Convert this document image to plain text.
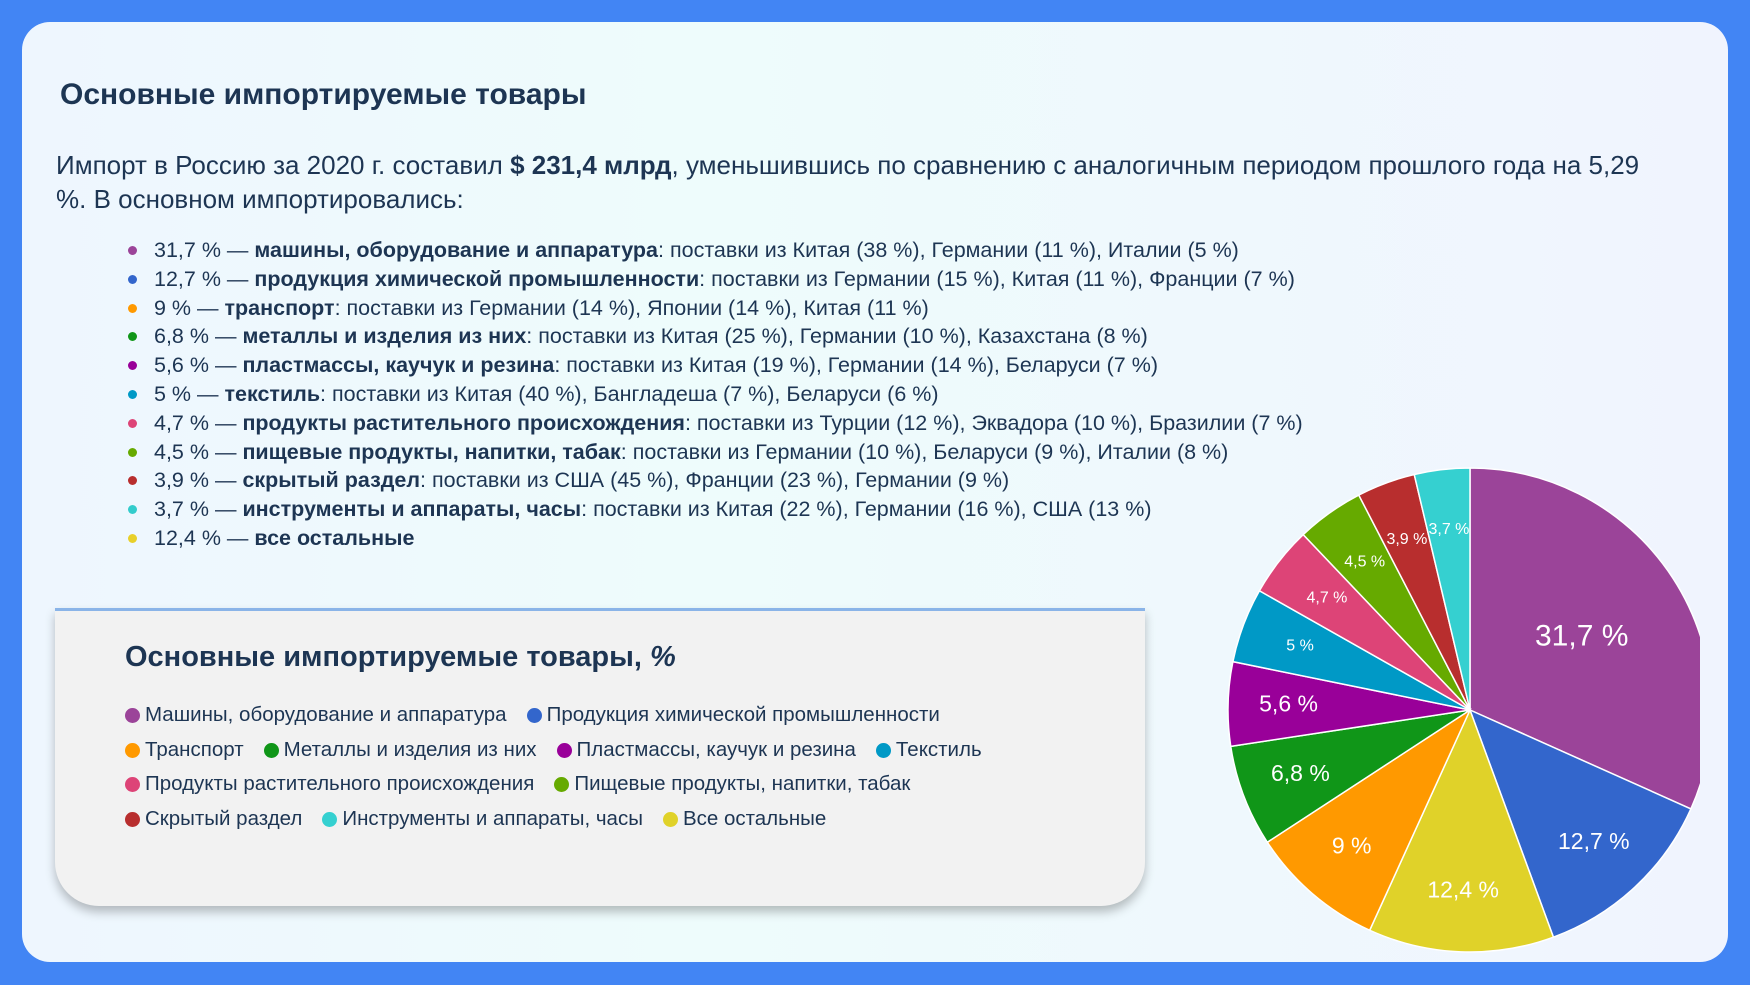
Основные импортируемые товары

Импорт в Россию за 2020 г. составил $ 231,4 млрд, уменьшившись по сравнению с аналогичным периодом прошлого года на 5,29 %. В основном импортировались:

31,7 % — машины, оборудование и аппаратура: поставки из Китая (38 %), Германии (11 %), Италии (5 %)
12,7 % — продукция химической промышленности: поставки из Германии (15 %), Китая (11 %), Франции (7 %)
9 % — транспорт: поставки из Германии (14 %), Японии (14 %), Китая (11 %)
6,8 % — металлы и изделия из них: поставки из Китая (25 %), Германии (10 %), Казахстана (8 %)
5,6 % — пластмассы, каучук и резина: поставки из Китая (19 %), Германии (14 %), Беларуси (7 %)
5 % — текстиль: поставки из Китая (40 %), Бангладеша (7 %), Беларуси (6 %)
4,7 % — продукты растительного происхождения: поставки из Турции (12 %), Эквадора (10 %), Бразилии (7 %)
4,5 % — пищевые продукты, напитки, табак: поставки из Германии (10 %), Беларуси (9 %), Италии (8 %)
3,9 % — скрытый раздел: поставки из США (45 %), Франции (23 %), Германии (9 %)
3,7 % — инструменты и аппараты, часы: поставки из Китая (22 %), Германии (16 %), США (13 %)
12,4 % — все остальные
Основные импортируемые товары, %
Машины, оборудование и аппаратура Продукция химической промышленности
Транспорт Металлы и изделия из них Пластмассы, каучук и резина Текстиль
Продукты растительного происхождения Пищевые продукты, напитки, табак
Скрытый раздел Инструменты и аппараты, часы Все остальные
31,7 %
12,7 %
12,4 %
9 %
6,8 %
5,6 %
5 %
4,7 %
4,5 %
3,9 %
3,7 %
